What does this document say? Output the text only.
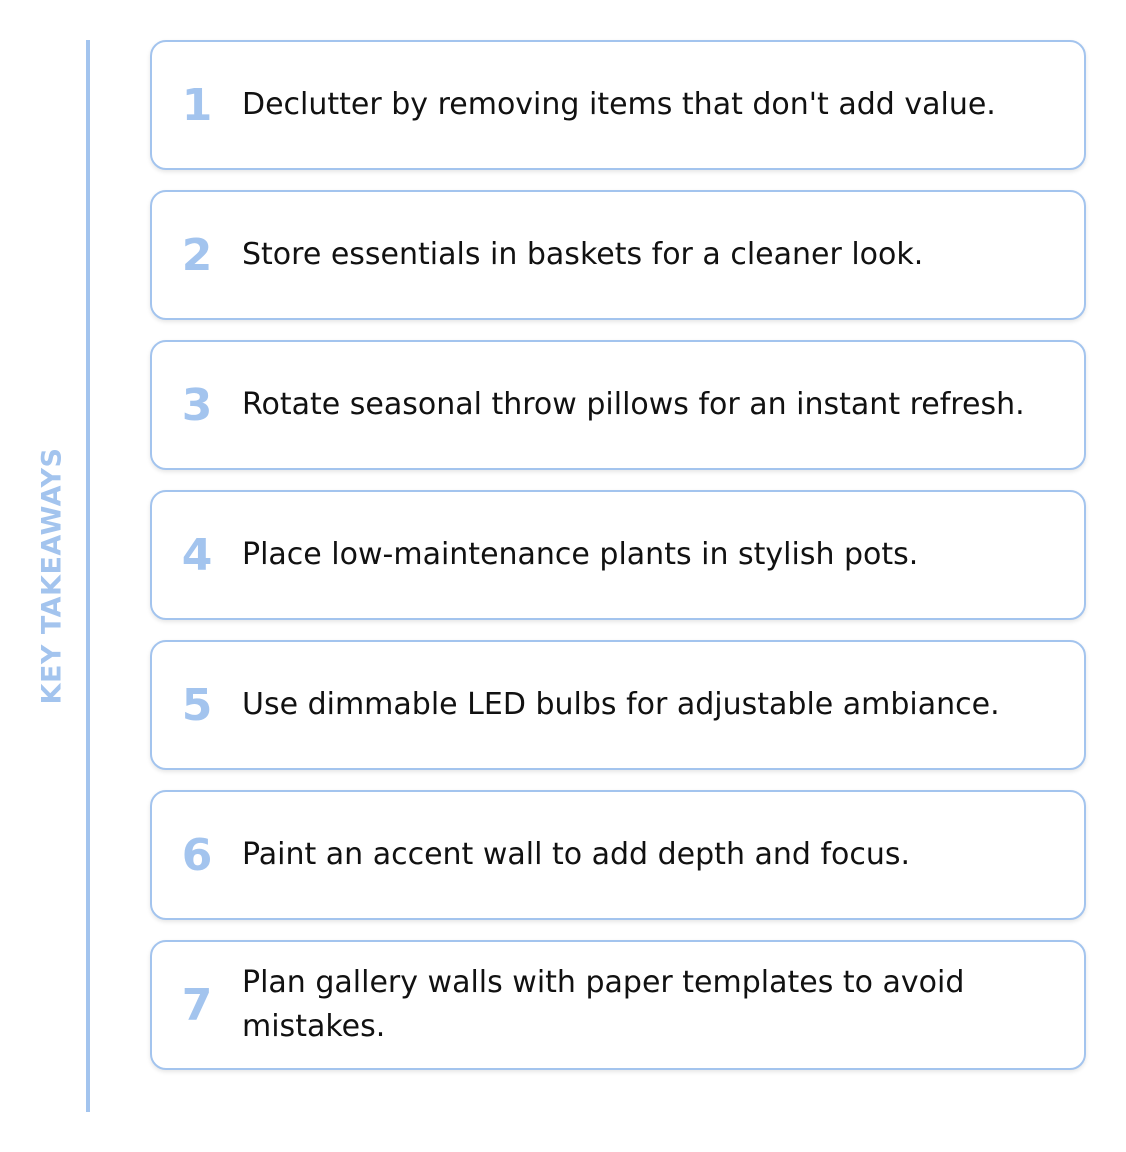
KEY TAKEAWAYS
1 Declutter by removing items that don't add value.
2 Store essentials in baskets for a cleaner look.
3 Rotate seasonal throw pillows for an instant refresh.
4 Place low-maintenance plants in stylish pots.
5 Use dimmable LED bulbs for adjustable ambiance.
6 Paint an accent wall to add depth and focus.
7 Plan gallery walls with paper templates to avoid mistakes.
